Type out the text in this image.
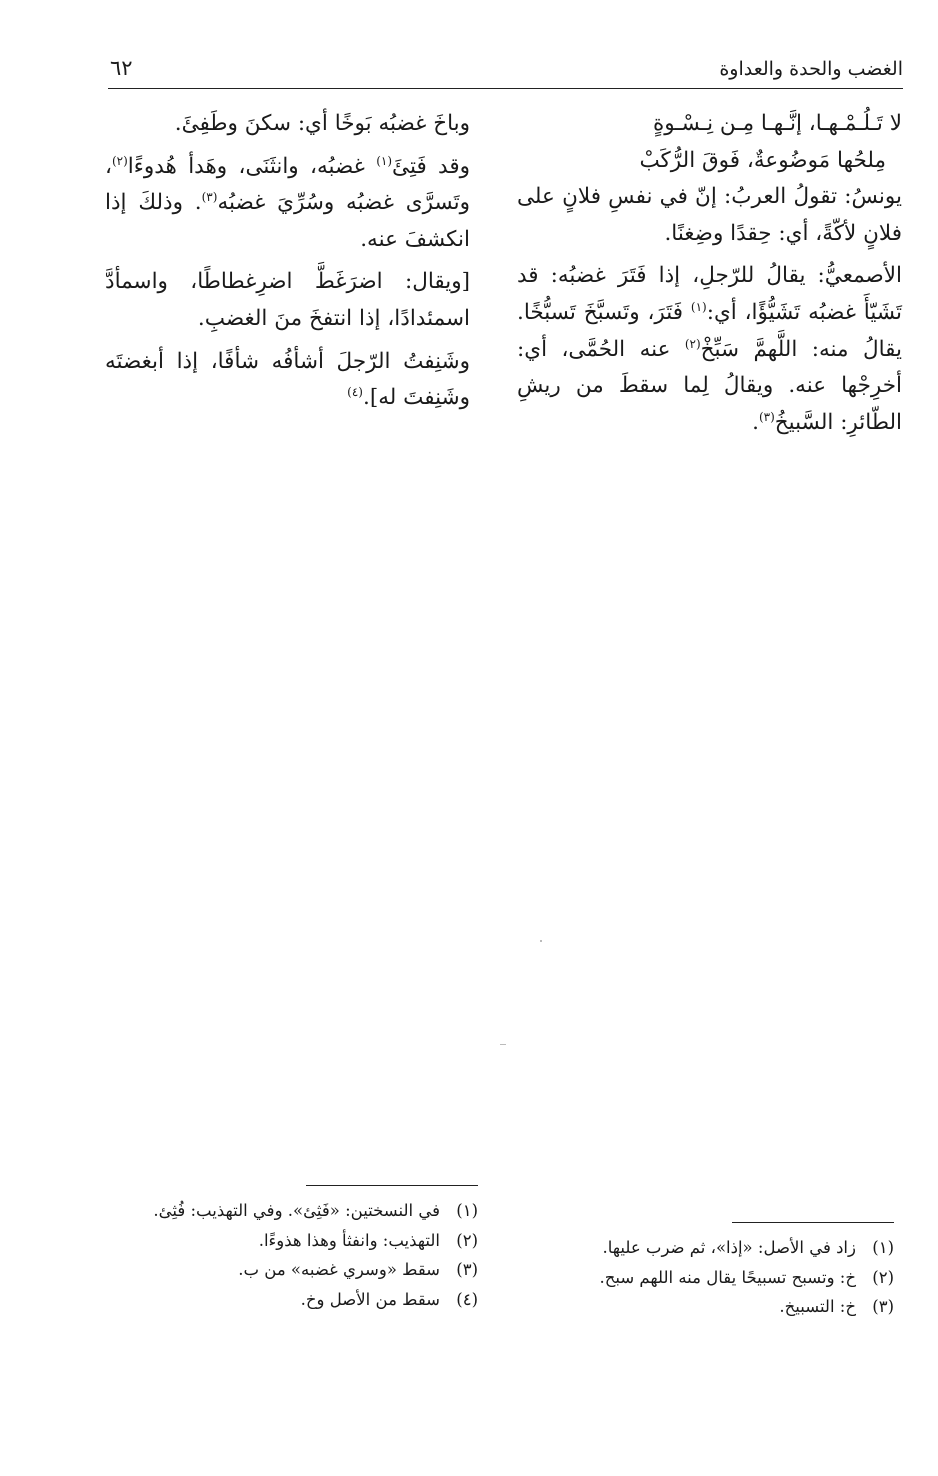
الغضب والحدة والعداوة
٦٢
لا تَـلُـمْـهـا، إنَّـهـا مِـن نِـسْـوةٍ
مِلحُها مَوضُوعةٌ، فَوقَ الرُّكَبْ

يونسُ: تقولُ العربُ: إنّ في نفسِ فلانٍ على فلانٍ لأكّةً، أي: حِقدًا وضِغنًا.

الأصمعيُّ: يقالُ للرّجلِ، إذا فَتَرَ غضبُه: قد تَشَيّأَ غضبُه تَشَيُّؤًا، أي:$^{(١)}$ فَتَرَ، وتَسبَّخَ تَسبُّخًا. يقالُ منه: اللَّهمَّ سَبِّخْ$^{(٢)}$ عنه الحُمَّى، أي: أخرِجْها عنه. ويقالُ لِما سقطَ من ريشِ الطّائرِ: السَّبيخُ$^{(٣)}$.

وباخَ غضبُه بَوخًا أي: سكنَ وطَفِئَ.

وقد فَتِئَ$^{(١)}$ غضبُه، وانثَنَى، وهَدأ هُدوءًا$^{(٢)}$، وتَسرَّى غضبُه وسُرِّيَ غضبُه$^{(٣)}$. وذلكَ إذا انكشفَ عنه.

[ويقال: اضرَغَطَّ اضرِغطاطًا، واسمأدَّ اسمئدادًا، إذا انتفخَ منَ الغضبِ.

وشَنِفتُ الرّجلَ أشأفُه شأفًا، إذا أبغضتَه وشَنِفتَ له].$^{(٤)}$

(١)زاد في الأصل: «إذا»، ثم ضرب عليها.
(٢)خ: وتسبح تسبيحًا يقال منه اللهم سبح.
(٣)خ: التسبيخ.
(١)في النسختين: «فَثِئ». وفي التهذيب: فُثِئ.
(٢)التهذيب: وانفثأ وهذا هذوءًا.
(٣)سقط «وسري غضبه» من ب.
(٤)سقط من الأصل وخ.
